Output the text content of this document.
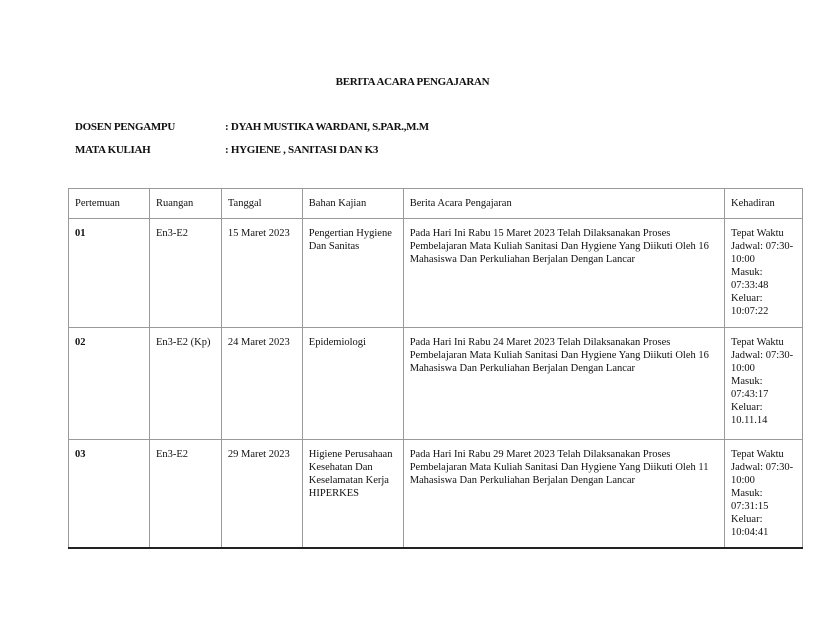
BERITA ACARA PENGAJARAN
DOSEN PENGAMPU	: DYAH MUSTIKA WARDANI, S.PAR.,M.M
MATA KULIAH	: HYGIENE , SANITASI DAN K3
Pertemuan	Ruangan	Tanggal	Bahan Kajian	Berita Acara Pengajaran	Kehadiran
01	En3-E2	15 Maret 2023	Pengertian Hygiene Dan Sanitas	Pada Hari Ini Rabu 15 Maret 2023 Telah Dilaksanakan Proses Pembelajaran Mata Kuliah Sanitasi Dan Hygiene Yang Diikuti Oleh 16 Mahasiswa Dan Perkuliahan Berjalan Dengan Lancar	Tepat Waktu
Jadwal: 07:30-10:00
Masuk: 07:33:48
Keluar: 10:07:22

02	En3-E2 (Kp)	24 Maret 2023	Epidemiologi	Pada Hari Ini Rabu 24 Maret 2023 Telah Dilaksanakan Proses Pembelajaran Mata Kuliah Sanitasi Dan Hygiene Yang Diikuti Oleh 16 Mahasiswa Dan Perkuliahan Berjalan Dengan Lancar	Tepat Waktu
Jadwal: 07:30-10:00
Masuk: 07:43:17
Keluar: 10.11.14

03	En3-E2	29 Maret 2023	Higiene Perusahaan Kesehatan Dan Keselamatan Kerja HIPERKES	Pada Hari Ini Rabu 29 Maret 2023 Telah Dilaksanakan Proses Pembelajaran Mata Kuliah Sanitasi Dan Hygiene Yang Diikuti Oleh 11 Mahasiswa Dan Perkuliahan Berjalan Dengan Lancar	Tepat Waktu
Jadwal: 07:30-10:00
Masuk: 07:31:15
Keluar: 10:04:41
